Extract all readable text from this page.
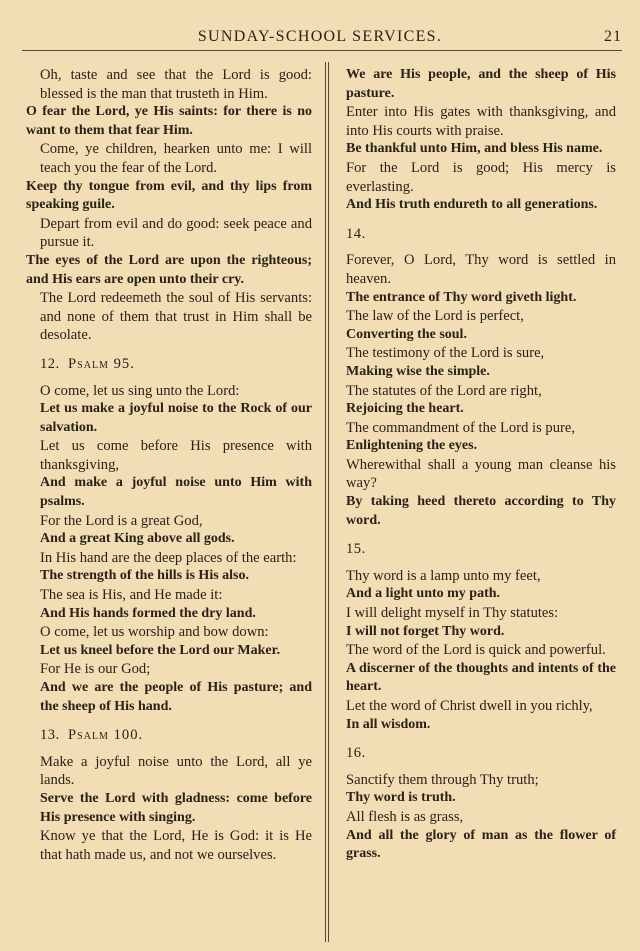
SUNDAY-SCHOOL SERVICES.	21
Oh, taste and see that the Lord is good: blessed is the man that trusteth in Him.
O fear the Lord, ye His saints: for there is no want to them that fear Him.
Come, ye children, hearken unto me: I will teach you the fear of the Lord.
Keep thy tongue from evil, and thy lips from speaking guile.
Depart from evil and do good: seek peace and pursue it.
The eyes of the Lord are upon the righteous; and His ears are open unto their cry.
The Lord redeemeth the soul of His servants: and none of them that trust in Him shall be desolate.
12. Psalm 95.
O come, let us sing unto the Lord:
Let us make a joyful noise to the Rock of our salvation.
Let us come before His presence with thanksgiving,
And make a joyful noise unto Him with psalms.
For the Lord is a great God,
And a great King above all gods.
In His hand are the deep places of the earth:
The strength of the hills is His also.
The sea is His, and He made it:
And His hands formed the dry land.
O come, let us worship and bow down:
Let us kneel before the Lord our Maker.
For He is our God;
And we are the people of His pasture; and the sheep of His hand.
13. Psalm 100.
Make a joyful noise unto the Lord, all ye lands.
Serve the Lord with gladness: come before His presence with singing.
Know ye that the Lord, He is God: it is He that hath made us, and not we ourselves.
We are His people, and the sheep of His pasture.
Enter into His gates with thanksgiving, and into His courts with praise.
Be thankful unto Him, and bless His name.
For the Lord is good; His mercy is everlasting.
And His truth endureth to all generations.
14.
Forever, O Lord, Thy word is settled in heaven.
The entrance of Thy word giveth light.
The law of the Lord is perfect,
Converting the soul.
The testimony of the Lord is sure,
Making wise the simple.
The statutes of the Lord are right,
Rejoicing the heart.
The commandment of the Lord is pure,
Enlightening the eyes.
Wherewithal shall a young man cleanse his way?
By taking heed thereto according to Thy word.
15.
Thy word is a lamp unto my feet,
And a light unto my path.
I will delight myself in Thy statutes:
I will not forget Thy word.
The word of the Lord is quick and powerful.
A discerner of the thoughts and intents of the heart.
Let the word of Christ dwell in you richly,
In all wisdom.
16.
Sanctify them through Thy truth;
Thy word is truth.
All flesh is as grass,
And all the glory of man as the flower of grass.
